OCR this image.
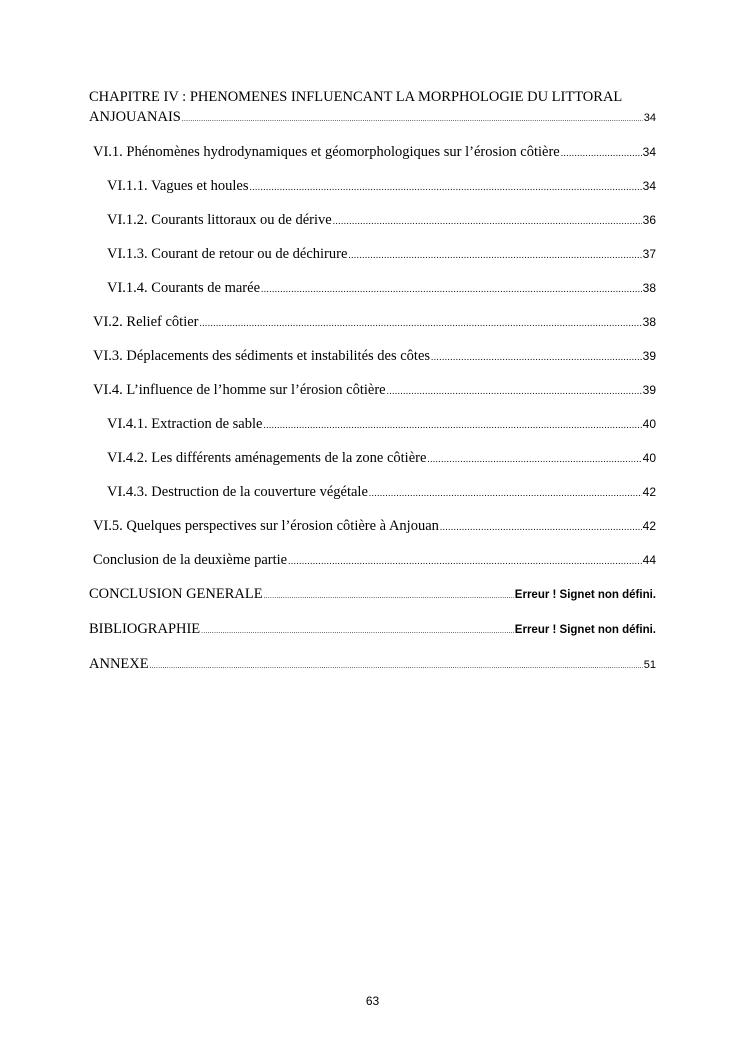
CHAPITRE IV : PHENOMENES INFLUENCANT LA MORPHOLOGIE DU LITTORAL

ANJOUANAIS .....	34
VI.1. Phénomènes hydrodynamiques et géomorphologiques sur l’érosion côtière .....	34
VI.1.1. Vagues et houles .....	34
VI.1.2. Courants littoraux ou de dérive .....	36
VI.1.3. Courant de retour ou de déchirure .....	37
VI.1.4. Courants de marée .....	38
VI.2. Relief côtier .....	38
VI.3. Déplacements des sédiments et instabilités des côtes .....	39
VI.4. L’influence de l’homme sur l’érosion côtière .....	39
VI.4.1. Extraction de sable .....	40
VI.4.2. Les différents aménagements de la zone côtière .....	40
VI.4.3. Destruction de la couverture végétale .....	42
VI.5. Quelques perspectives sur l’érosion côtière à Anjouan .....	42
Conclusion de la deuxième partie .....	44
CONCLUSION GENERALE .....	Erreur ! Signet non défini.
BIBLIOGRAPHIE .....	Erreur ! Signet non défini.
ANNEXE .....	51
63
